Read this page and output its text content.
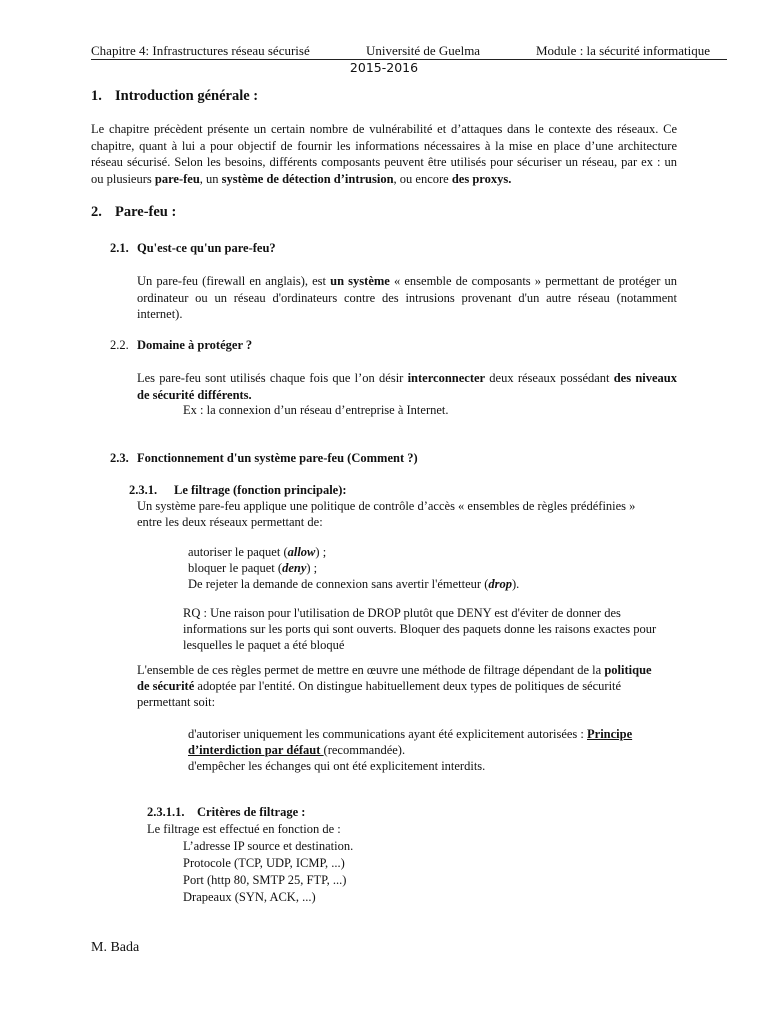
Chapitre 4: Infrastructures réseau sécurisé	Université de Guelma	Module : la sécurité informatique
2015-2016
1. Introduction générale :
Le chapitre précèdent présente un certain nombre de vulnérabilité et d’attaques dans le contexte des réseaux. Ce chapitre, quant à lui a pour objectif de fournir les informations nécessaires à la mise en place d’une architecture réseau sécurisé. Selon les besoins, différents composants peuvent être utilisés pour sécuriser un réseau, par ex : un ou plusieurs pare-feu, un système de détection d’intrusion, ou encore des proxys.
2. Pare-feu :
2.1. Qu'est-ce qu'un pare-feu?
Un pare-feu (firewall en anglais), est un système « ensemble de composants » permettant de protéger un ordinateur ou un réseau d'ordinateurs contre des intrusions provenant d'un autre réseau (notamment internet).
2.2. Domaine à protéger ?
Les pare-feu sont utilisés chaque fois que l’on désir interconnecter deux réseaux possédant des niveaux de sécurité différents.
Ex : la connexion d’un réseau d’entreprise à Internet.
2.3. Fonctionnement d'un système pare-feu (Comment ?)
2.3.1. Le filtrage (fonction principale):
Un système pare-feu applique une politique de contrôle d’accès « ensembles de règles prédéfinies »
entre les deux réseaux permettant de:
autoriser le paquet (allow) ;
bloquer le paquet (deny) ;
De rejeter la demande de connexion sans avertir l'émetteur (drop).
RQ : Une raison pour l'utilisation de DROP plutôt que DENY est d'éviter de donner des
informations sur les ports qui sont ouverts. Bloquer des paquets donne les raisons exactes pour
lesquelles le paquet a été bloqué
L'ensemble de ces règles permet de mettre en œuvre une méthode de filtrage dépendant de la politique
de sécurité adoptée par l'entité. On distingue habituellement deux types de politiques de sécurité
permettant soit:
d'autoriser uniquement les communications ayant été explicitement autorisées : Principe
d’interdiction par défaut (recommandée).
d'empêcher les échanges qui ont été explicitement interdits.
2.3.1.1. Critères de filtrage :
Le filtrage est effectué en fonction de :
L’adresse IP source et destination.
Protocole (TCP, UDP, ICMP, ...)
Port (http 80, SMTP 25, FTP, ...)
Drapeaux (SYN, ACK, ...)
M. Bada
